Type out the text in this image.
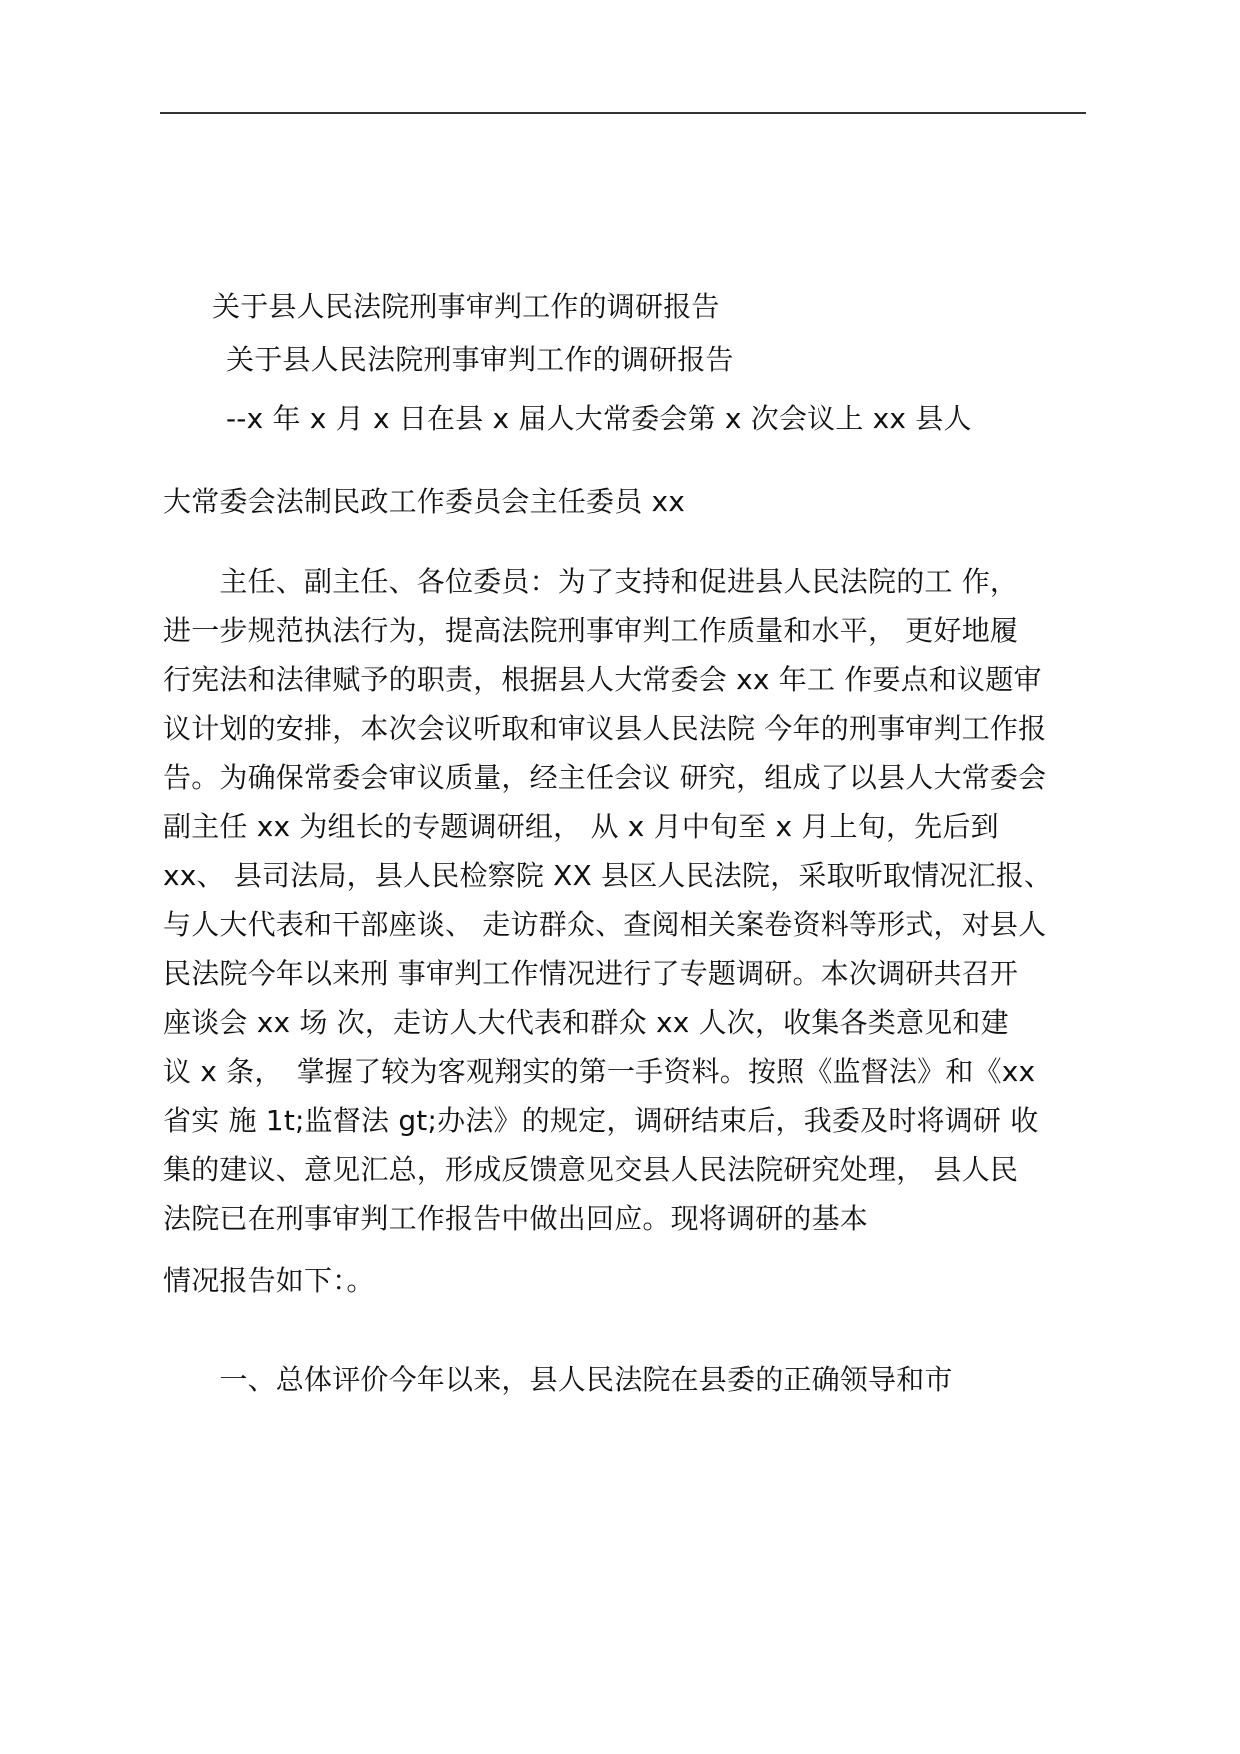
关于县人民法院刑事审判工作的调研报告
关于县人民法院刑事审判工作的调研报告
--x 年 x 月 x 日在县 x 届人大常委会第 x 次会议上 xx 县人
大常委会法制民政工作委员会主任委员 xx
　　主任、副主任、各位委员：为了支持和促进县人民法院的工 作，
进一步规范执法行为，提高法院刑事审判工作质量和水平， 更好地履
行宪法和法律赋予的职责，根据县人大常委会 xx 年工 作要点和议题审
议计划的安排，本次会议听取和审议县人民法院 今年的刑事审判工作报
告。为确保常委会审议质量，经主任会议 研究，组成了以县人大常委会
副主任 xx 为组长的专题调研组， 从 x 月中旬至 x 月上旬，先后到
xx、 县司法局，县人民检察院 XX 县区人民法院，采取听取情况汇报、
与人大代表和干部座谈、 走访群众、查阅相关案卷资料等形式，对县人
民法院今年以来刑 事审判工作情况进行了专题调研。本次调研共召开
座谈会 xx 场 次，走访人大代表和群众 xx 人次，收集各类意见和建
议 x 条，　掌握了较为客观翔实的第一手资料。按照《监督法》和《xx
省实 施 1t;监督法 gt;办法》的规定，调研结束后，我委及时将调研 收
集的建议、意见汇总，形成反馈意见交县人民法院研究处理， 县人民
法院已在刑事审判工作报告中做出回应。现将调研的基本
情况报告如下：。
　　一、总体评价今年以来，县人民法院在县委的正确领导和市
